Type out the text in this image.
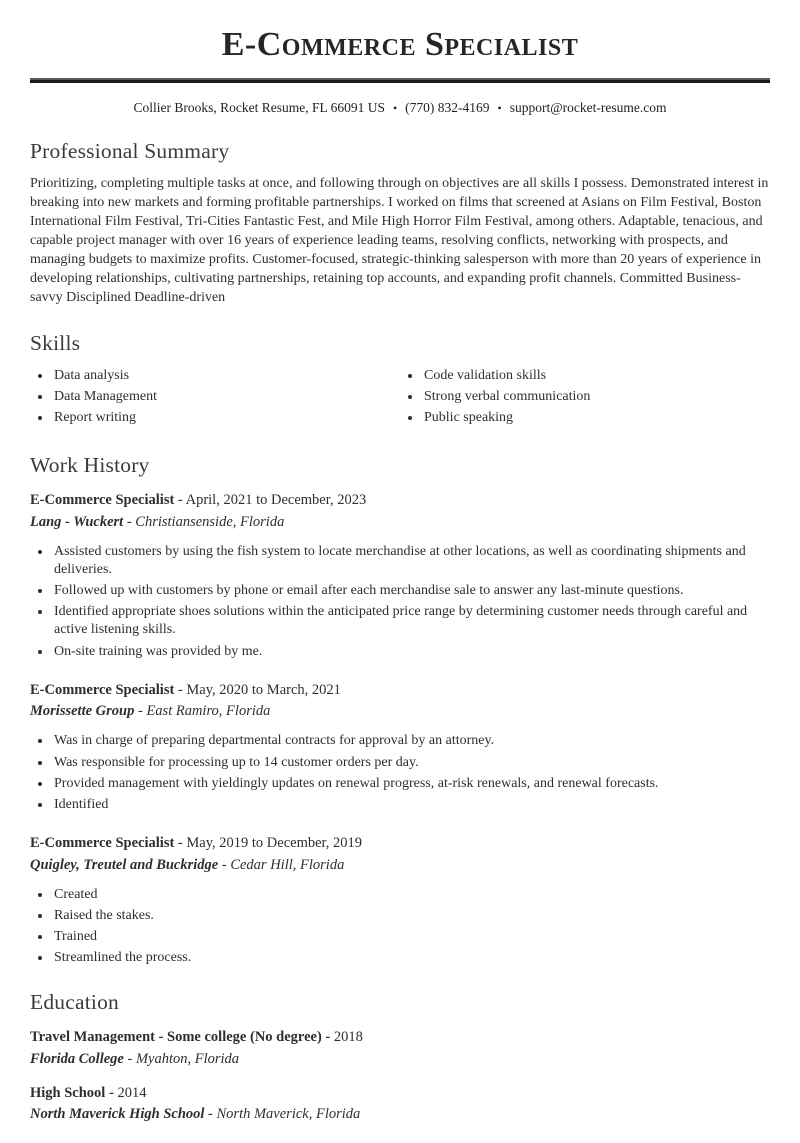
E-Commerce Specialist
Collier Brooks, Rocket Resume, FL 66091 US • (770) 832-4169 • support@rocket-resume.com
Professional Summary

Prioritizing, completing multiple tasks at once, and following through on objectives are all skills I possess. Demonstrated interest in breaking into new markets and forming profitable partnerships. I worked on films that screened at Asians on Film Festival, Boston International Film Festival, Tri-Cities Fantastic Fest, and Mile High Horror Film Festival, among others. Adaptable, tenacious, and capable project manager with over 16 years of experience leading teams, resolving conflicts, networking with prospects, and managing budgets to maximize profits. Customer-focused, strategic-thinking salesperson with more than 20 years of experience in developing relationships, cultivating partnerships, retaining top accounts, and expanding profit channels. Committed Business-savvy Disciplined Deadline-driven

Skills
• Data analysis
• Data Management
• Report writing
• Code validation skills
• Strong verbal communication
• Public speaking
Work History
E-Commerce Specialist - April, 2021 to December, 2023
Lang - Wuckert - Christiansenside, Florida
• Assisted customers by using the fish system to locate merchandise at other locations, as well as coordinating shipments and deliveries.
• Followed up with customers by phone or email after each merchandise sale to answer any last-minute questions.
• Identified appropriate shoes solutions within the anticipated price range by determining customer needs through careful and active listening skills.
• On-site training was provided by me.
E-Commerce Specialist - May, 2020 to March, 2021
Morissette Group - East Ramiro, Florida
• Was in charge of preparing departmental contracts for approval by an attorney.
• Was responsible for processing up to 14 customer orders per day.
• Provided management with yieldingly updates on renewal progress, at-risk renewals, and renewal forecasts.
• Identified
E-Commerce Specialist - May, 2019 to December, 2019
Quigley, Treutel and Buckridge - Cedar Hill, Florida
• Created
• Raised the stakes.
• Trained
• Streamlined the process.
Education
Travel Management - Some college (No degree) - 2018
Florida College - Myahton, Florida
High School - 2014
North Maverick High School - North Maverick, Florida
